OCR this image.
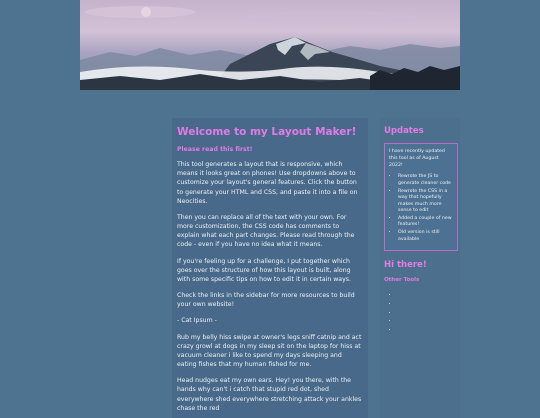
Welcome to my Layout Maker!
Please read this first!

This tool generates a layout that is responsive, which means it looks great on phones! Use dropdowns above to customize your layout's general features. Click the button to generate your HTML and CSS, and paste it into a file on Neocities.

Then you can replace all of the text with your own. For more customization, the CSS code has comments to explain what each part changes. Please read through the code - even if you have no idea what it means.

If you're feeling up for a challenge, I put together which goes over the structure of how this layout is built, along with some specific tips on how to edit it in certain ways.

Check the links in the sidebar for more resources to build your own website!

- Cat Ipsum -

Rub my belly hiss swipe at owner's legs sniff catnip and act crazy growl at dogs in my sleep sit on the laptop for hiss at vacuum cleaner i like to spend my days sleeping and eating fishes that my human fished for me.

Head nudges eat my own ears. Hey! you there, with the hands why can't i catch that stupid red dot, shed everywhere shed everywhere stretching attack your ankles chase the red

Updates

I have recently updated this tool as of August 2022!

• Rewrote the JS to generate cleaner code
• Rewrote the CSS in a way that hopefully makes much more sense to edit
• Added a couple of new features!
• Old version is still available
Hi there!
Other Tools
•
•
•
•
•
